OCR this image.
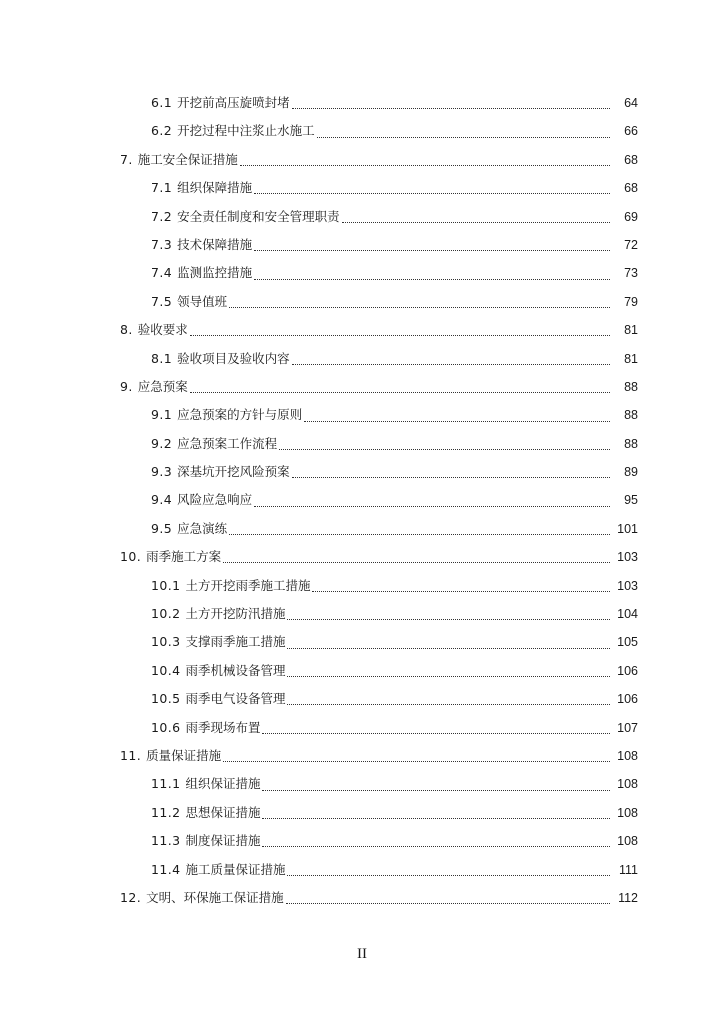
6.1 开挖前高压旋喷封堵	64
6.2 开挖过程中注浆止水施工	66
7. 施工安全保证措施	68
7.1 组织保障措施	68
7.2 安全责任制度和安全管理职责	69
7.3 技术保障措施	72
7.4 监测监控措施	73
7.5 领导值班	79
8. 验收要求	81
8.1 验收项目及验收内容	81
9. 应急预案	88
9.1 应急预案的方针与原则	88
9.2 应急预案工作流程	88
9.3 深基坑开挖风险预案	89
9.4 风险应急响应	95
9.5 应急演练	101
10. 雨季施工方案	103
10.1 土方开挖雨季施工措施	103
10.2 土方开挖防汛措施	104
10.3 支撑雨季施工措施	105
10.4 雨季机械设备管理	106
10.5 雨季电气设备管理	106
10.6 雨季现场布置	107
11. 质量保证措施	108
11.1 组织保证措施	108
11.2 思想保证措施	108
11.3 制度保证措施	108
11.4 施工质量保证措施	111
12. 文明、环保施工保证措施	112
II
